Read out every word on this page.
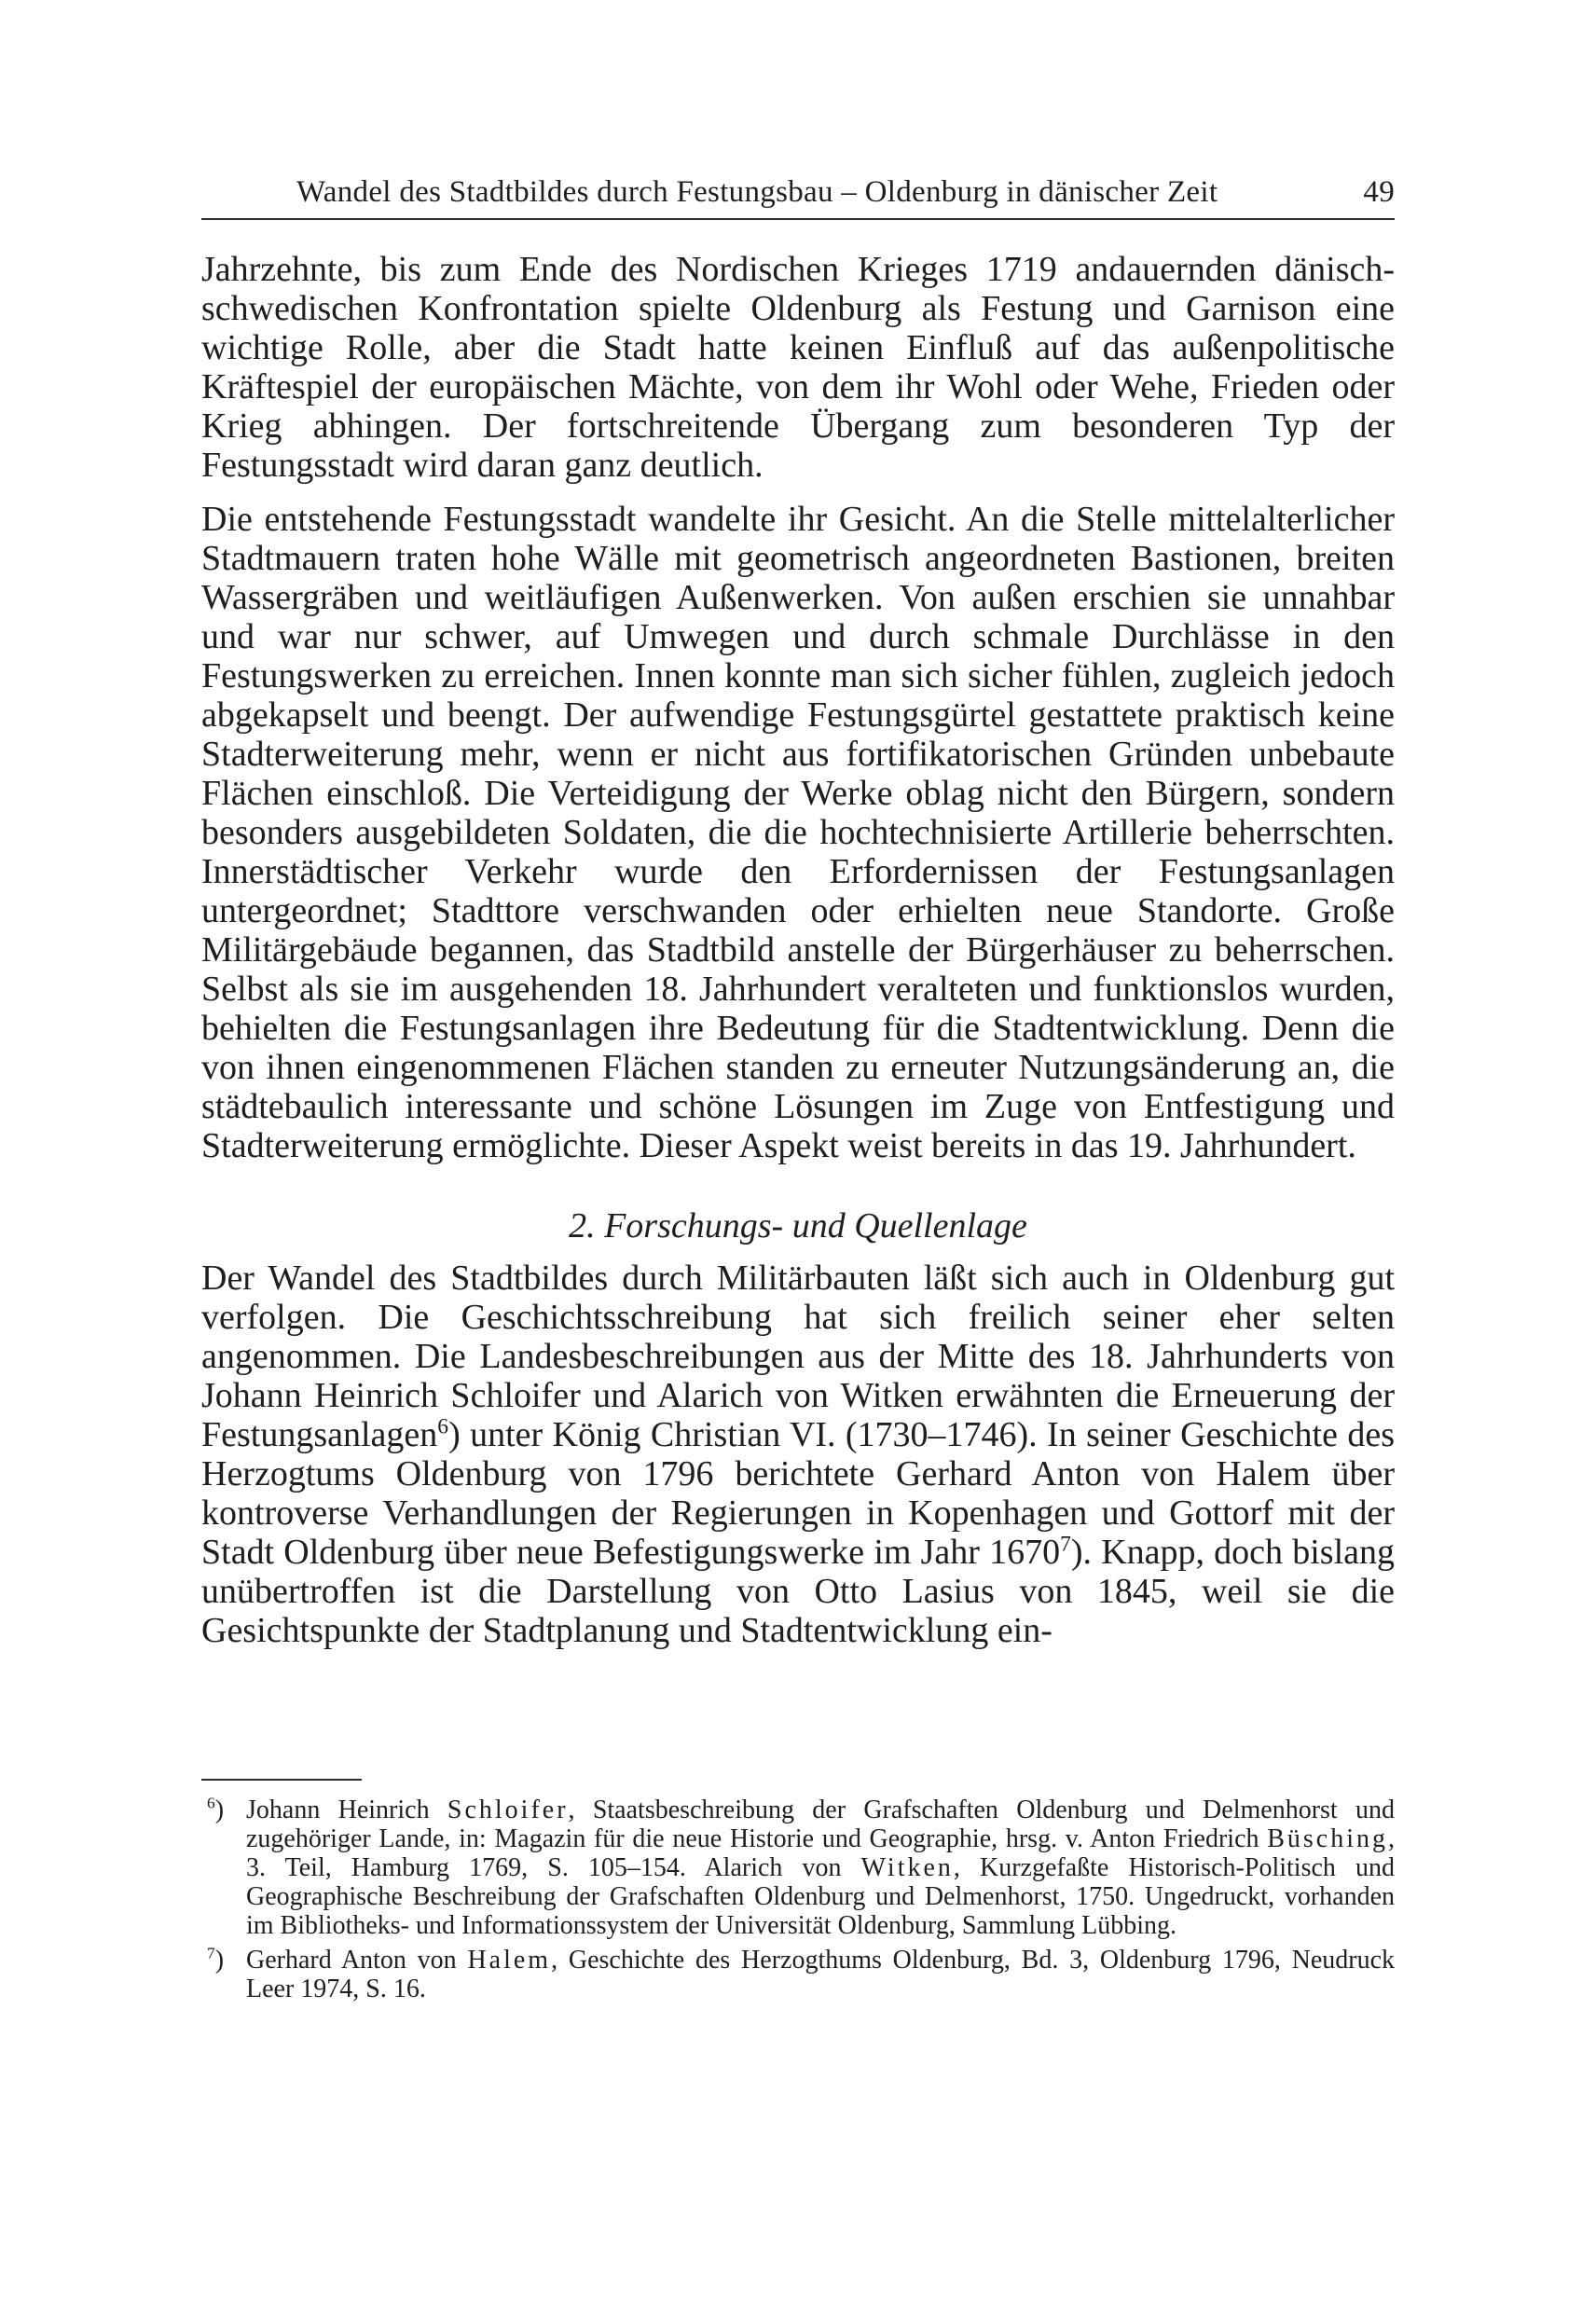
Wandel des Stadtbildes durch Festungsbau – Oldenburg in dänischer Zeit	49

Jahrzehnte, bis zum Ende des Nordischen Krieges 1719 andauernden dänisch-schwedischen Konfrontation spielte Oldenburg als Festung und Garnison eine wichtige Rolle, aber die Stadt hatte keinen Einfluß auf das außenpolitische Kräftespiel der europäischen Mächte, von dem ihr Wohl oder Wehe, Frieden oder Krieg abhingen. Der fortschreitende Übergang zum besonderen Typ der Festungsstadt wird daran ganz deutlich.

Die entstehende Festungsstadt wandelte ihr Gesicht. An die Stelle mittelalterlicher Stadtmauern traten hohe Wälle mit geometrisch angeordneten Bastionen, breiten Wassergräben und weitläufigen Außenwerken. Von außen erschien sie unnahbar und war nur schwer, auf Umwegen und durch schmale Durchlässe in den Festungswerken zu erreichen. Innen konnte man sich sicher fühlen, zugleich jedoch abgekapselt und beengt. Der aufwendige Festungsgürtel gestattete praktisch keine Stadterweiterung mehr, wenn er nicht aus fortifikatorischen Gründen unbebaute Flächen einschloß. Die Verteidigung der Werke oblag nicht den Bürgern, sondern besonders ausgebildeten Soldaten, die die hochtechnisierte Artillerie beherrschten. Innerstädtischer Verkehr wurde den Erfordernissen der Festungsanlagen untergeordnet; Stadttore verschwanden oder erhielten neue Standorte. Große Militärgebäude begannen, das Stadtbild anstelle der Bürgerhäuser zu beherrschen. Selbst als sie im ausgehenden 18. Jahrhundert veralteten und funktionslos wurden, behielten die Festungsanlagen ihre Bedeutung für die Stadtentwicklung. Denn die von ihnen eingenommenen Flächen standen zu erneuter Nutzungsänderung an, die städtebaulich interessante und schöne Lösungen im Zuge von Entfestigung und Stadterweiterung ermöglichte. Dieser Aspekt weist bereits in das 19. Jahrhundert.

2. Forschungs- und Quellenlage

Der Wandel des Stadtbildes durch Militärbauten läßt sich auch in Oldenburg gut verfolgen. Die Geschichtsschreibung hat sich freilich seiner eher selten angenommen. Die Landesbeschreibungen aus der Mitte des 18. Jahrhunderts von Johann Heinrich Schloifer und Alarich von Witken erwähnten die Erneuerung der Festungsanlagen$^6$) unter König Christian VI. (1730–1746). In seiner Geschichte des Herzogtums Oldenburg von 1796 berichtete Gerhard Anton von Halem über kontroverse Verhandlungen der Regierungen in Kopenhagen und Gottorf mit der Stadt Oldenburg über neue Befestigungswerke im Jahr 1670$^7$). Knapp, doch bislang unübertroffen ist die Darstellung von Otto Lasius von 1845, weil sie die Gesichtspunkte der Stadtplanung und Stadtentwicklung ein-

$^6$) Johann Heinrich Schloifer, Staatsbeschreibung der Grafschaften Oldenburg und Delmenhorst und zugehöriger Lande, in: Magazin für die neue Historie und Geographie, hrsg. v. Anton Friedrich Büsching, 3. Teil, Hamburg 1769, S. 105–154. Alarich von Witken, Kurzgefaßte Historisch-Politisch und Geographische Beschreibung der Grafschaften Oldenburg und Delmenhorst, 1750. Ungedruckt, vorhanden im Bibliotheks- und Informationssystem der Universität Oldenburg, Sammlung Lübbing.
$^7$) Gerhard Anton von Halem, Geschichte des Herzogthums Oldenburg, Bd. 3, Oldenburg 1796, Neudruck Leer 1974, S. 16.
